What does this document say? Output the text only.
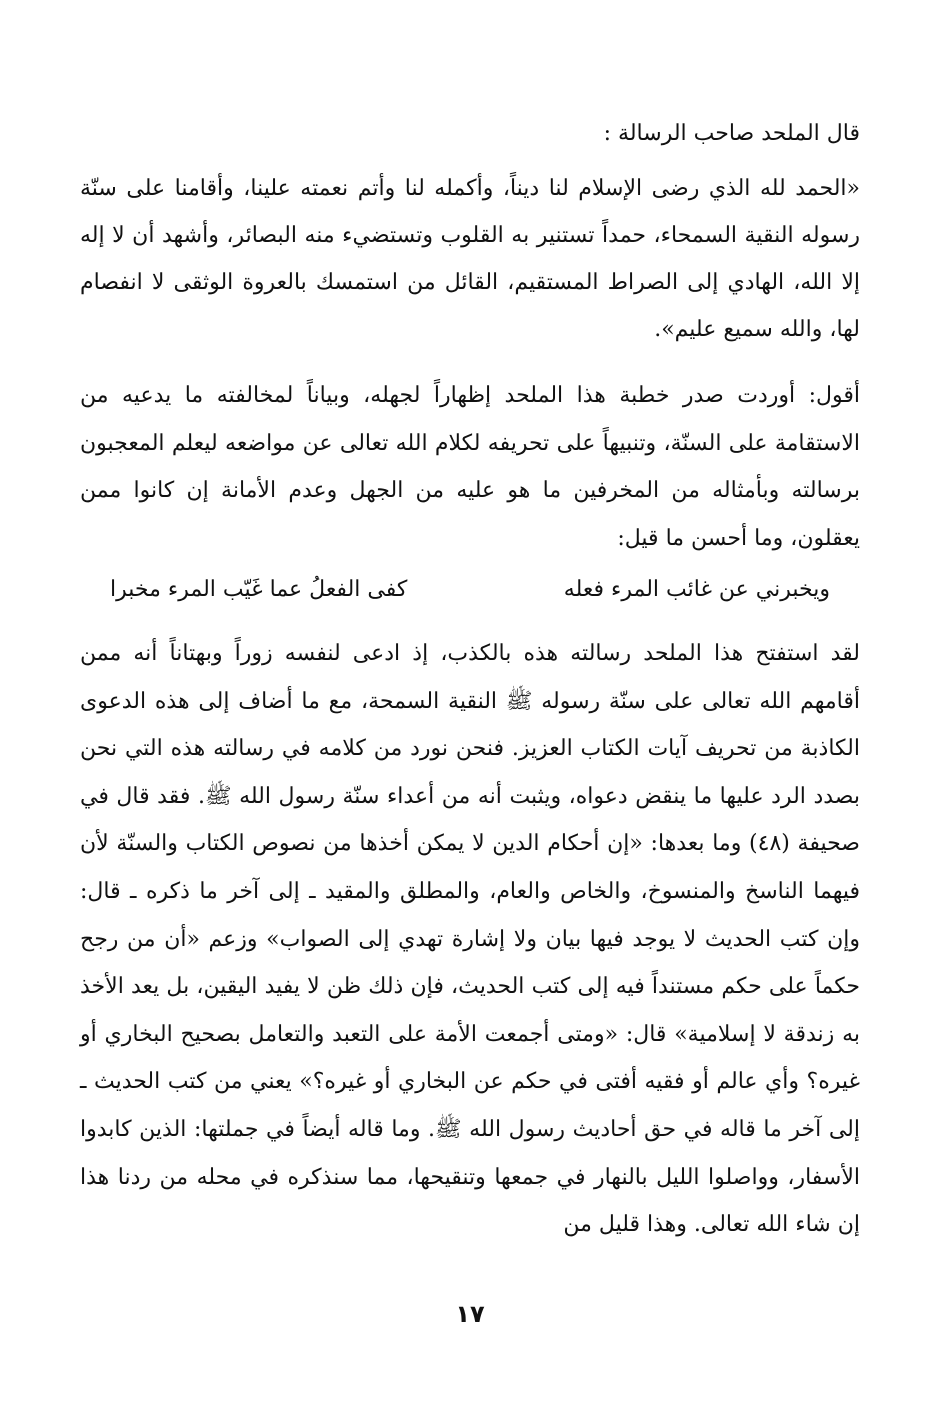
قال الملحد صاحب الرسالة :

«الحمد لله الذي رضى الإسلام لنا ديناً، وأكمله لنا وأتم نعمته علينا، وأقامنا على سنّة رسوله النقية السمحاء، حمداً تستنير به القلوب وتستضيء منه البصائر، وأشهد أن لا إله إلا الله، الهادي إلى الصراط المستقيم، القائل من استمسك بالعروة الوثقى لا انفصام لها، والله سميع عليم».

أقول: أوردت صدر خطبة هذا الملحد إظهاراً لجهله، وبياناً لمخالفته ما يدعيه من الاستقامة على السنّة، وتنبيهاً على تحريفه لكلام الله تعالى عن مواضعه ليعلم المعجبون برسالته وبأمثاله من المخرفين ما هو عليه من الجهل وعدم الأمانة إن كانوا ممن يعقلون، وما أحسن ما قيل:

ويخبرني عن غائب المرء فعله
كفى الفعلُ عما غَيّب المرء مخبرا

لقد استفتح هذا الملحد رسالته هذه بالكذب، إذ ادعى لنفسه زوراً وبهتاناً أنه ممن أقامهم الله تعالى على سنّة رسوله ﷺ النقية السمحة، مع ما أضاف إلى هذه الدعوى الكاذبة من تحريف آيات الكتاب العزيز. فنحن نورد من كلامه في رسالته هذه التي نحن بصدد الرد عليها ما ينقض دعواه، ويثبت أنه من أعداء سنّة رسول الله ﷺ. فقد قال في صحيفة (٤٨) وما بعدها: «إن أحكام الدين لا يمكن أخذها من نصوص الكتاب والسنّة لأن فيهما الناسخ والمنسوخ، والخاص والعام، والمطلق والمقيد ـ إلى آخر ما ذكره ـ قال: وإن كتب الحديث لا يوجد فيها بيان ولا إشارة تهدي إلى الصواب» وزعم «أن من رجح حكماً على حكم مستنداً فيه إلى كتب الحديث، فإن ذلك ظن لا يفيد اليقين، بل يعد الأخذ به زندقة لا إسلامية» قال: «ومتى أجمعت الأمة على التعبد والتعامل بصحيح البخاري أو غيره؟ وأي عالم أو فقيه أفتى في حكم عن البخاري أو غيره؟» يعني من كتب الحديث ـ إلى آخر ما قاله في حق أحاديث رسول الله ﷺ. وما قاله أيضاً في جملتها: الذين كابدوا الأسفار، وواصلوا الليل بالنهار في جمعها وتنقيحها، مما سنذكره في محله من ردنا هذا إن شاء الله تعالى. وهذا قليل من

١٧
